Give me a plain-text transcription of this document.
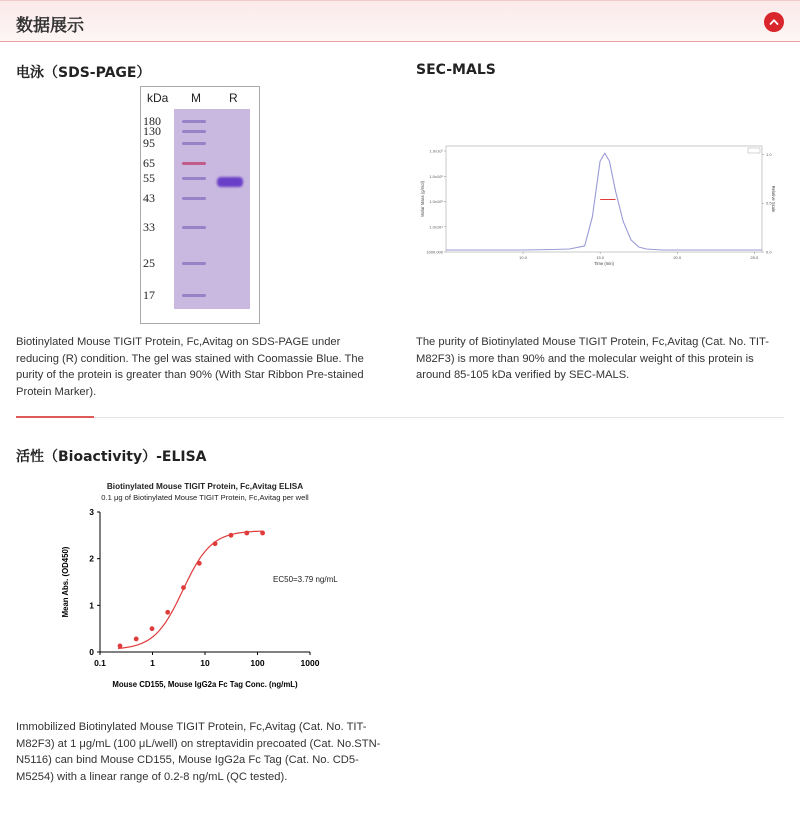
数据展示
电泳（SDS-PAGE）
kDa M R
180
130
95
65
55
43
33
25
17
Biotinylated Mouse TIGIT Protein, Fc,Avitag on SDS-PAGE under
reducing (R) condition. The gel was stained with Coomassie Blue. The
purity of the protein is greater than 90% (With Star Ribbon Pre-stained
Protein Marker).
SEC-MALS
1000.000
1.0x10⁴
1.0x10⁵
1.0x10⁶
1.0x10⁷
0.0
0.5
1.0
10.0	15.0	20.0	25.0
Time (min)
Molar Mass (g/mol)	Relative Scale
The purity of Biotinylated Mouse TIGIT Protein, Fc,Avitag (Cat. No. TIT-
M82F3) is more than 90% and the molecular weight of this protein is
around 85-105 kDa verified by SEC-MALS.
活性（Bioactivity）-ELISA
Biotinylated Mouse TIGIT Protein, Fc,Avitag ELISA
0.1 μg of Biotinylated Mouse TIGIT Protein, Fc,Avitag per well
0
1
2
3
0.1	1	10	100	1000
Mouse CD155, Mouse IgG2a Fc Tag Conc. (ng/mL)
Mean Abs. (OD450)	EC50=3.79 ng/mL
Immobilized Biotinylated Mouse TIGIT Protein, Fc,Avitag (Cat. No. TIT-
M82F3) at 1 μg/mL (100 μL/well) on streptavidin precoated (Cat. No.STN-
N5116) can bind Mouse CD155, Mouse IgG2a Fc Tag (Cat. No. CD5-
M5254) with a linear range of 0.2-8 ng/mL (QC tested).
